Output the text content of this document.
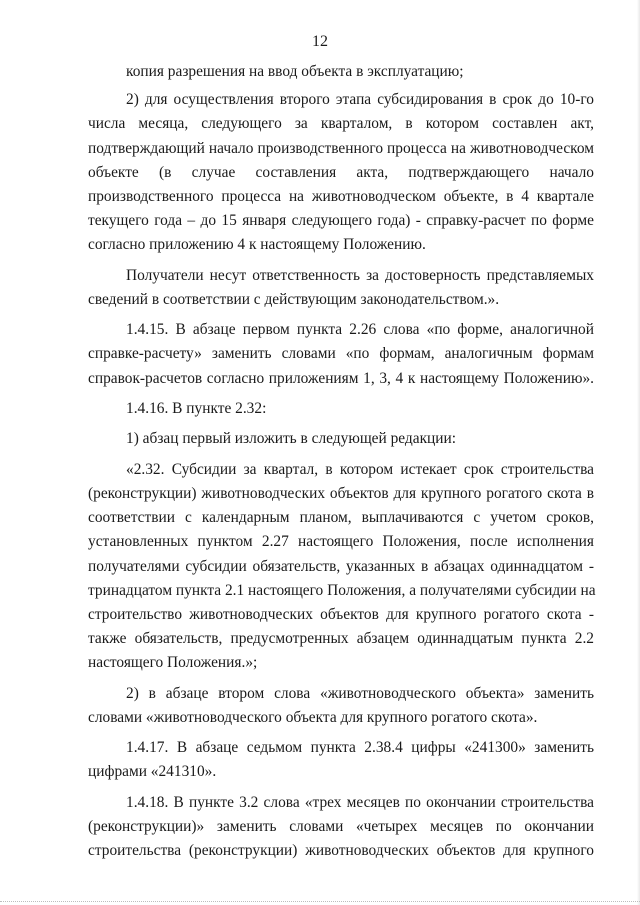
12
копия разрешения на ввод объекта в эксплуатацию;
2) для осуществления второго этапа субсидирования в срок до 10-го
числа месяца, следующего за кварталом, в котором составлен акт,
подтверждающий начало производственного процесса на животноводческом
объекте (в случае составления акта, подтверждающего начало
производственного процесса на животноводческом объекте, в 4 квартале
текущего года – до 15 января следующего года) - справку-расчет по форме
согласно приложению 4 к настоящему Положению.
Получатели несут ответственность за достоверность представляемых
сведений в соответствии с действующим законодательством.».
1.4.15. В абзаце первом пункта 2.26 слова «по форме, аналогичной
справке-расчету» заменить словами «по формам, аналогичным формам
справок-расчетов согласно приложениям 1, 3, 4 к настоящему Положению».
1.4.16. В пункте 2.32:
1) абзац первый изложить в следующей редакции:
«2.32. Субсидии за квартал, в котором истекает срок строительства
(реконструкции) животноводческих объектов для крупного рогатого скота в
соответствии с календарным планом, выплачиваются с учетом сроков,
установленных пунктом 2.27 настоящего Положения, после исполнения
получателями субсидии обязательств, указанных в абзацах одиннадцатом -
тринадцатом пункта 2.1 настоящего Положения, а получателями субсидии на
строительство животноводческих объектов для крупного рогатого скота -
также обязательств, предусмотренных абзацем одиннадцатым пункта 2.2
настоящего Положения.»;
2) в абзаце втором слова «животноводческого объекта» заменить
словами «животноводческого объекта для крупного рогатого скота».
1.4.17. В абзаце седьмом пункта 2.38.4 цифры «241300» заменить
цифрами «241310».
1.4.18. В пункте 3.2 слова «трех месяцев по окончании строительства
(реконструкции)» заменить словами «четырех месяцев по окончании
строительства (реконструкции) животноводческих объектов для крупного
